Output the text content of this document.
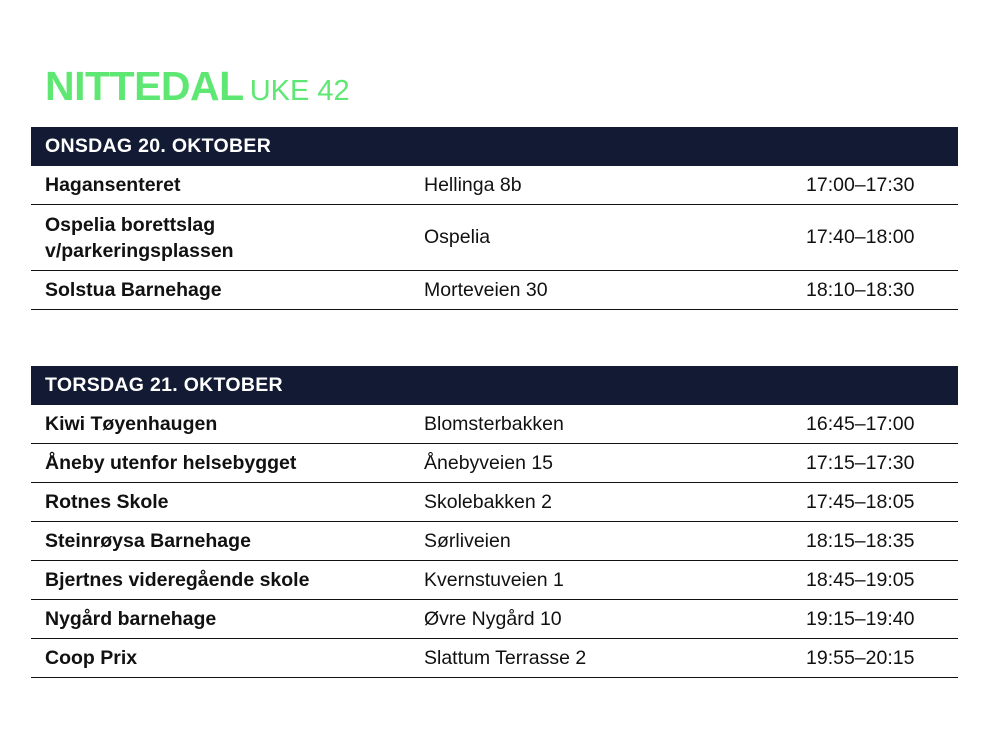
NITTEDAL UKE 42
ONSDAG 20. OKTOBER
Hagansenteret	Hellinga 8b	17:00–17:30
Ospelia borettslag
v/parkeringsplassen
Ospelia	17:40–18:00
Solstua Barnehage	Morteveien 30	18:10–18:30
TORSDAG 21. OKTOBER
Kiwi Tøyenhaugen	Blomsterbakken	16:45–17:00
Åneby utenfor helsebygget	Ånebyveien 15	17:15–17:30
Rotnes Skole	Skolebakken 2	17:45–18:05
Steinrøysa Barnehage	Sørliveien	18:15–18:35
Bjertnes videregående skole	Kvernstuveien 1	18:45–19:05
Nygård barnehage	Øvre Nygård 10	19:15–19:40
Coop Prix	Slattum Terrasse 2	19:55–20:15
